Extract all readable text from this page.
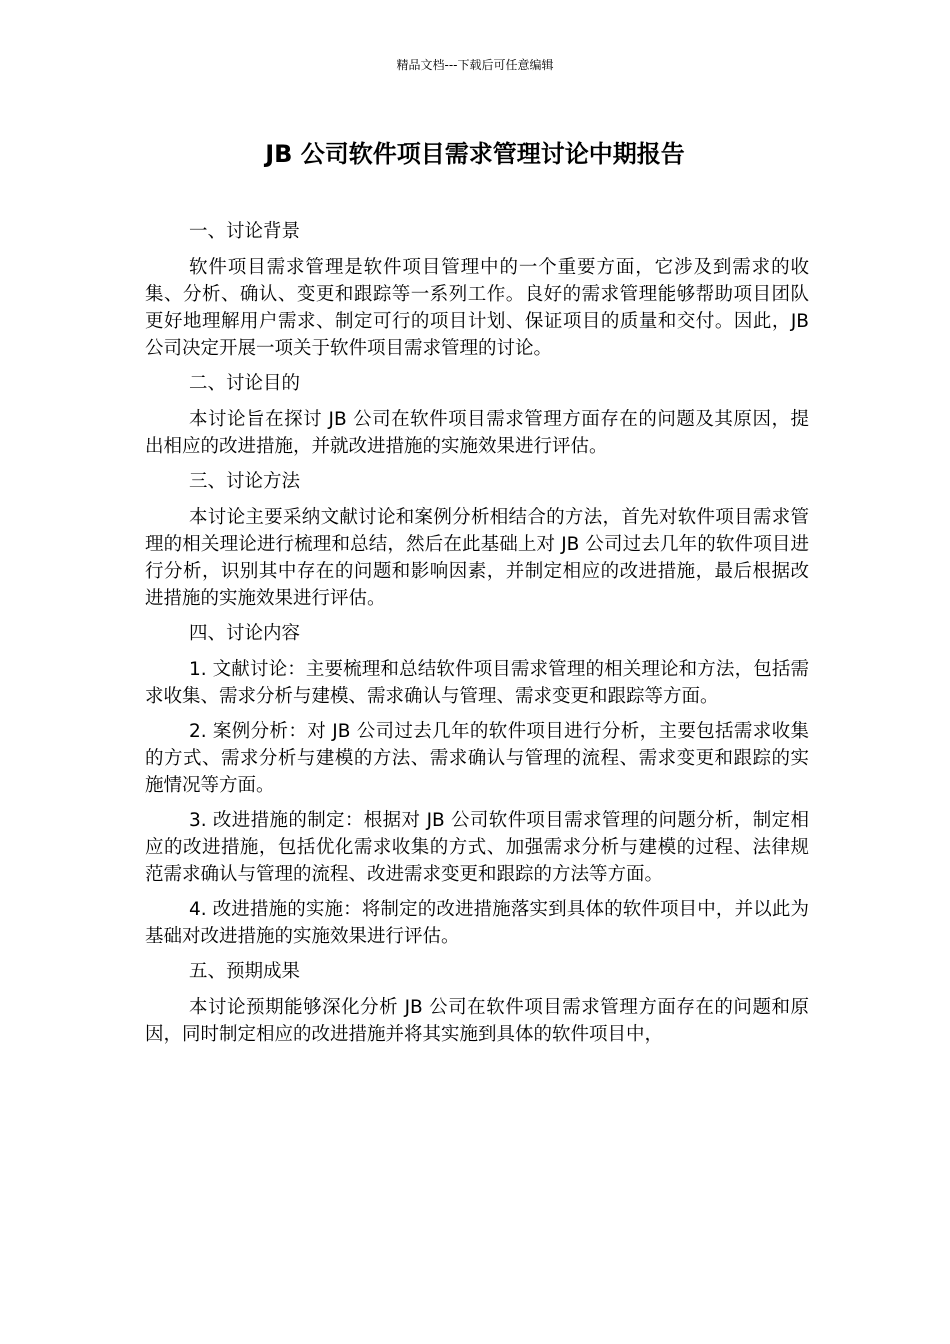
精品文档---下载后可任意编辑
JB 公司软件项目需求管理讨论中期报告

一、讨论背景

软件项目需求管理是软件项目管理中的一个重要方面，它涉及到需求的收集、分析、确认、变更和跟踪等一系列工作。良好的需求管理能够帮助项目团队更好地理解用户需求、制定可行的项目计划、保证项目的质量和交付。因此，JB 公司决定开展一项关于软件项目需求管理的讨论。

二、讨论目的

本讨论旨在探讨 JB 公司在软件项目需求管理方面存在的问题及其原因，提出相应的改进措施，并就改进措施的实施效果进行评估。

三、讨论方法

本讨论主要采纳文献讨论和案例分析相结合的方法，首先对软件项目需求管理的相关理论进行梳理和总结，然后在此基础上对 JB 公司过去几年的软件项目进行分析，识别其中存在的问题和影响因素，并制定相应的改进措施，最后根据改进措施的实施效果进行评估。

四、讨论内容

1. 文献讨论：主要梳理和总结软件项目需求管理的相关理论和方法，包括需求收集、需求分析与建模、需求确认与管理、需求变更和跟踪等方面。

2. 案例分析：对 JB 公司过去几年的软件项目进行分析，主要包括需求收集的方式、需求分析与建模的方法、需求确认与管理的流程、需求变更和跟踪的实施情况等方面。

3. 改进措施的制定：根据对 JB 公司软件项目需求管理的问题分析，制定相应的改进措施，包括优化需求收集的方式、加强需求分析与建模的过程、法律规范需求确认与管理的流程、改进需求变更和跟踪的方法等方面。

4. 改进措施的实施：将制定的改进措施落实到具体的软件项目中，并以此为基础对改进措施的实施效果进行评估。

五、预期成果

本讨论预期能够深化分析 JB 公司在软件项目需求管理方面存在的问题和原因，同时制定相应的改进措施并将其实施到具体的软件项目中，
